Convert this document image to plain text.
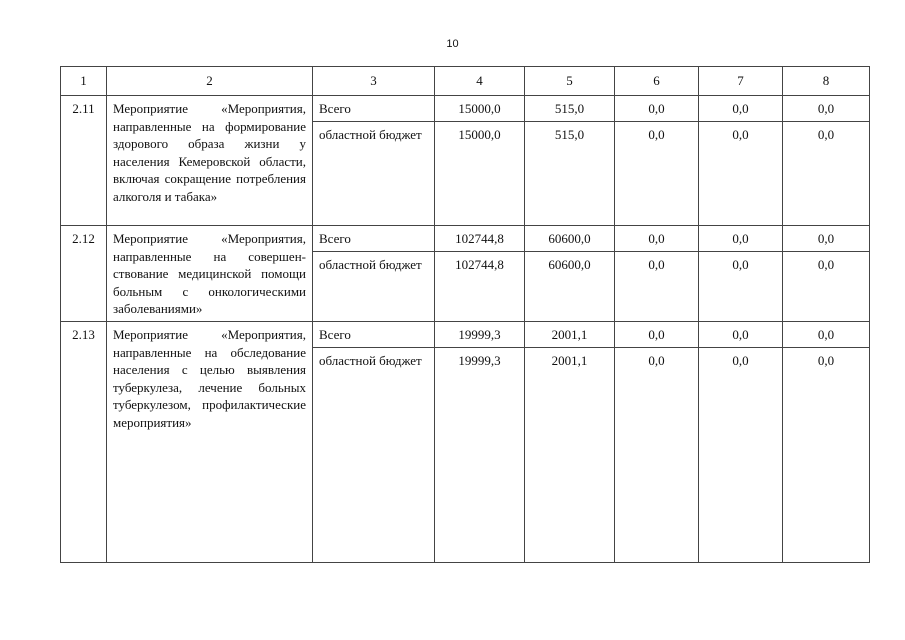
10
1	2	3	4	5	6	7	8
2.11	Мероприятие «Мероприятия, направленные на формирование здорового образа жизни у населения Кемеровской области, включая сокращение потребления алкоголя и табака»	Всего	15000,0	515,0	0,0	0,0	0,0
		областной бюджет	15000,0	515,0	0,0	0,0	0,0
2.12	Мероприятие «Мероприятия, направленные на совершенствование медицинской помощи больным с онкологическими заболеваниями»	Всего	102744,8	60600,0	0,0	0,0	0,0
		областной бюджет	102744,8	60600,0	0,0	0,0	0,0
2.13	Мероприятие «Мероприятия, направленные на обследование населения с целью выявления туберкулеза, лечение больных туберкулезом, профилактические мероприятия»	Всего	19999,3	2001,1	0,0	0,0	0,0
		областной бюджет	19999,3	2001,1	0,0	0,0	0,0
